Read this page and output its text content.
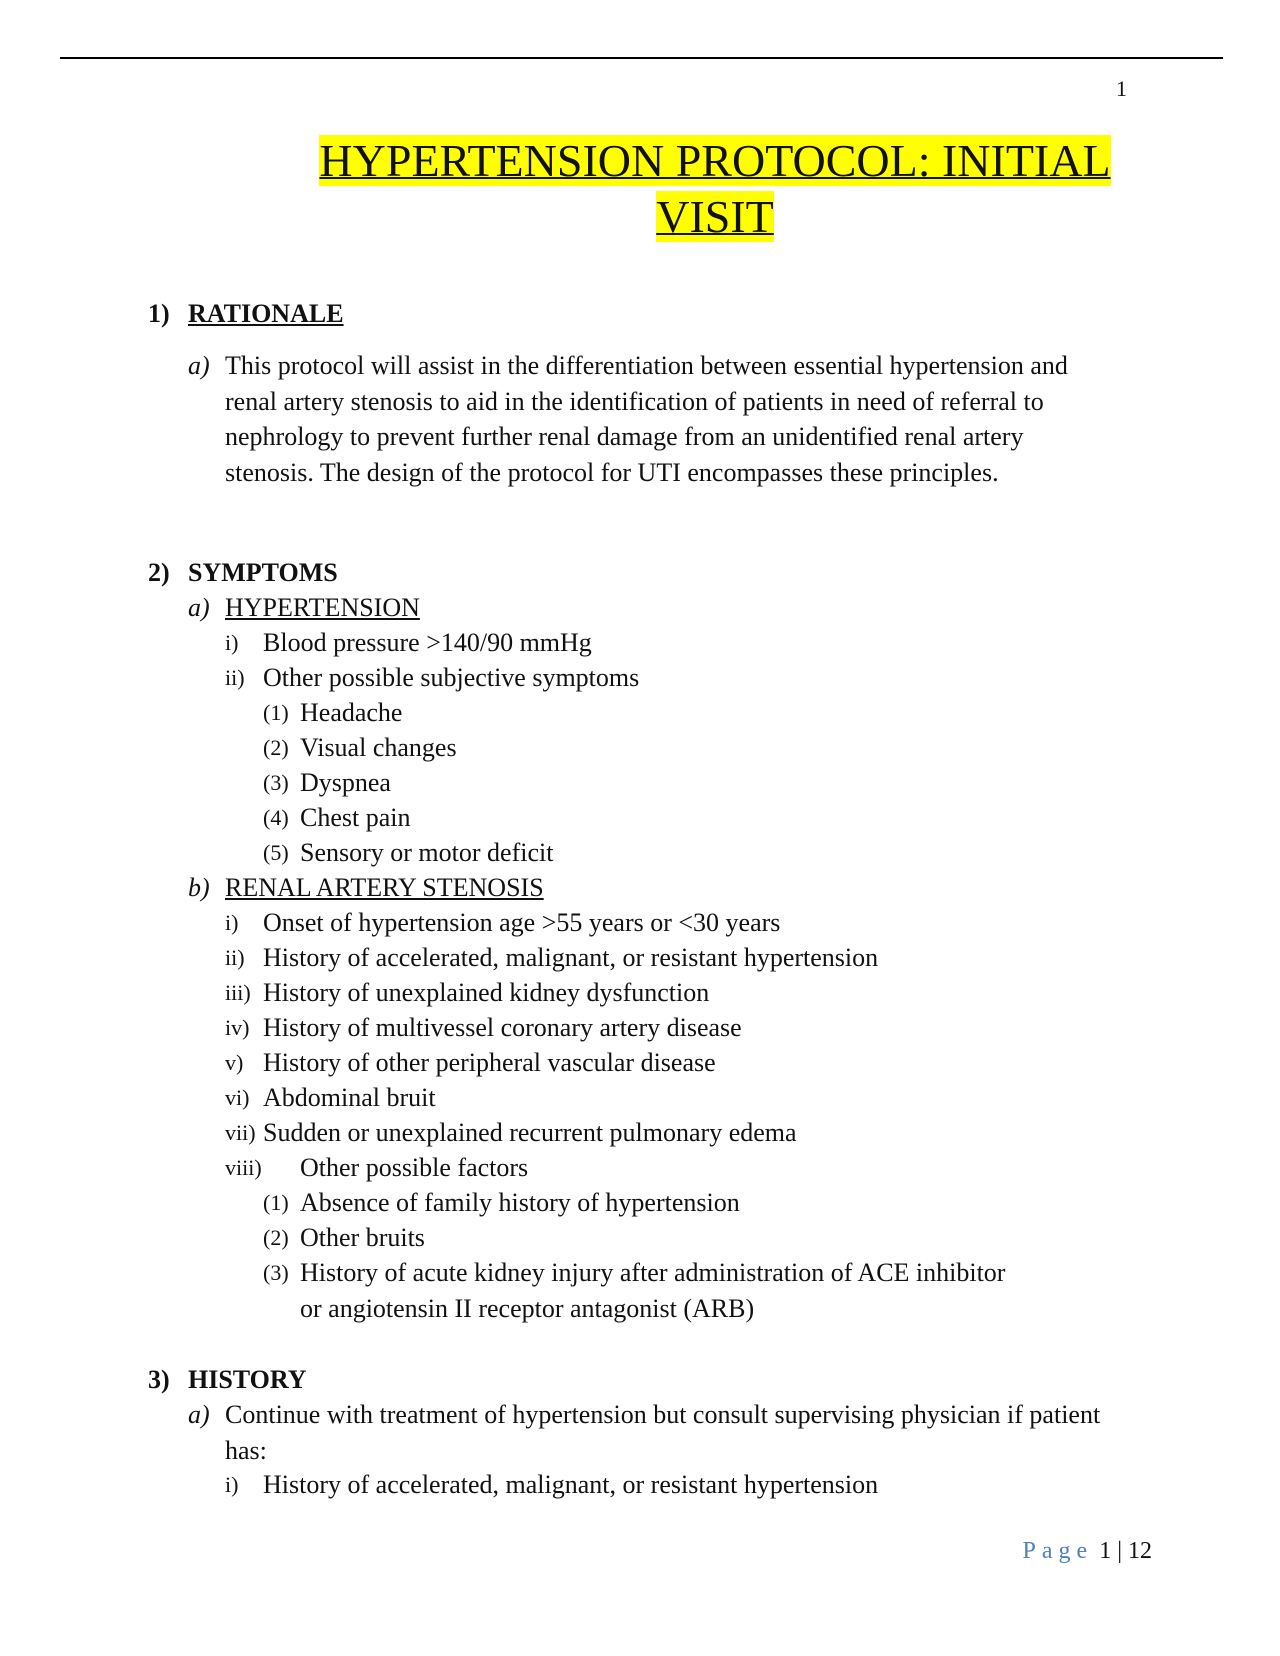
1
HYPERTENSION PROTOCOL: INITIAL
VISIT
1) RATIONALE
a) This protocol will assist in the differentiation between essential hypertension and renal artery stenosis to aid in the identification of patients in need of referral to nephrology to prevent further renal damage from an unidentified renal artery stenosis. The design of the protocol for UTI encompasses these principles.
2) SYMPTOMS
a) HYPERTENSION
i) Blood pressure >140/90 mmHg
ii) Other possible subjective symptoms
(1) Headache
(2) Visual changes
(3) Dyspnea
(4) Chest pain
(5) Sensory or motor deficit
b) RENAL ARTERY STENOSIS
i) Onset of hypertension age >55 years or <30 years
ii) History of accelerated, malignant, or resistant hypertension
iii) History of unexplained kidney dysfunction
iv) History of multivessel coronary artery disease
v) History of other peripheral vascular disease
vi) Abdominal bruit
vii) Sudden or unexplained recurrent pulmonary edema
viii) Other possible factors
(1) Absence of family history of hypertension
(2) Other bruits
(3) History of acute kidney injury after administration of ACE inhibitor or angiotensin II receptor antagonist (ARB)
3) HISTORY
a) Continue with treatment of hypertension but consult supervising physician if patient has:
i) History of accelerated, malignant, or resistant hypertension
Page 1 | 12
